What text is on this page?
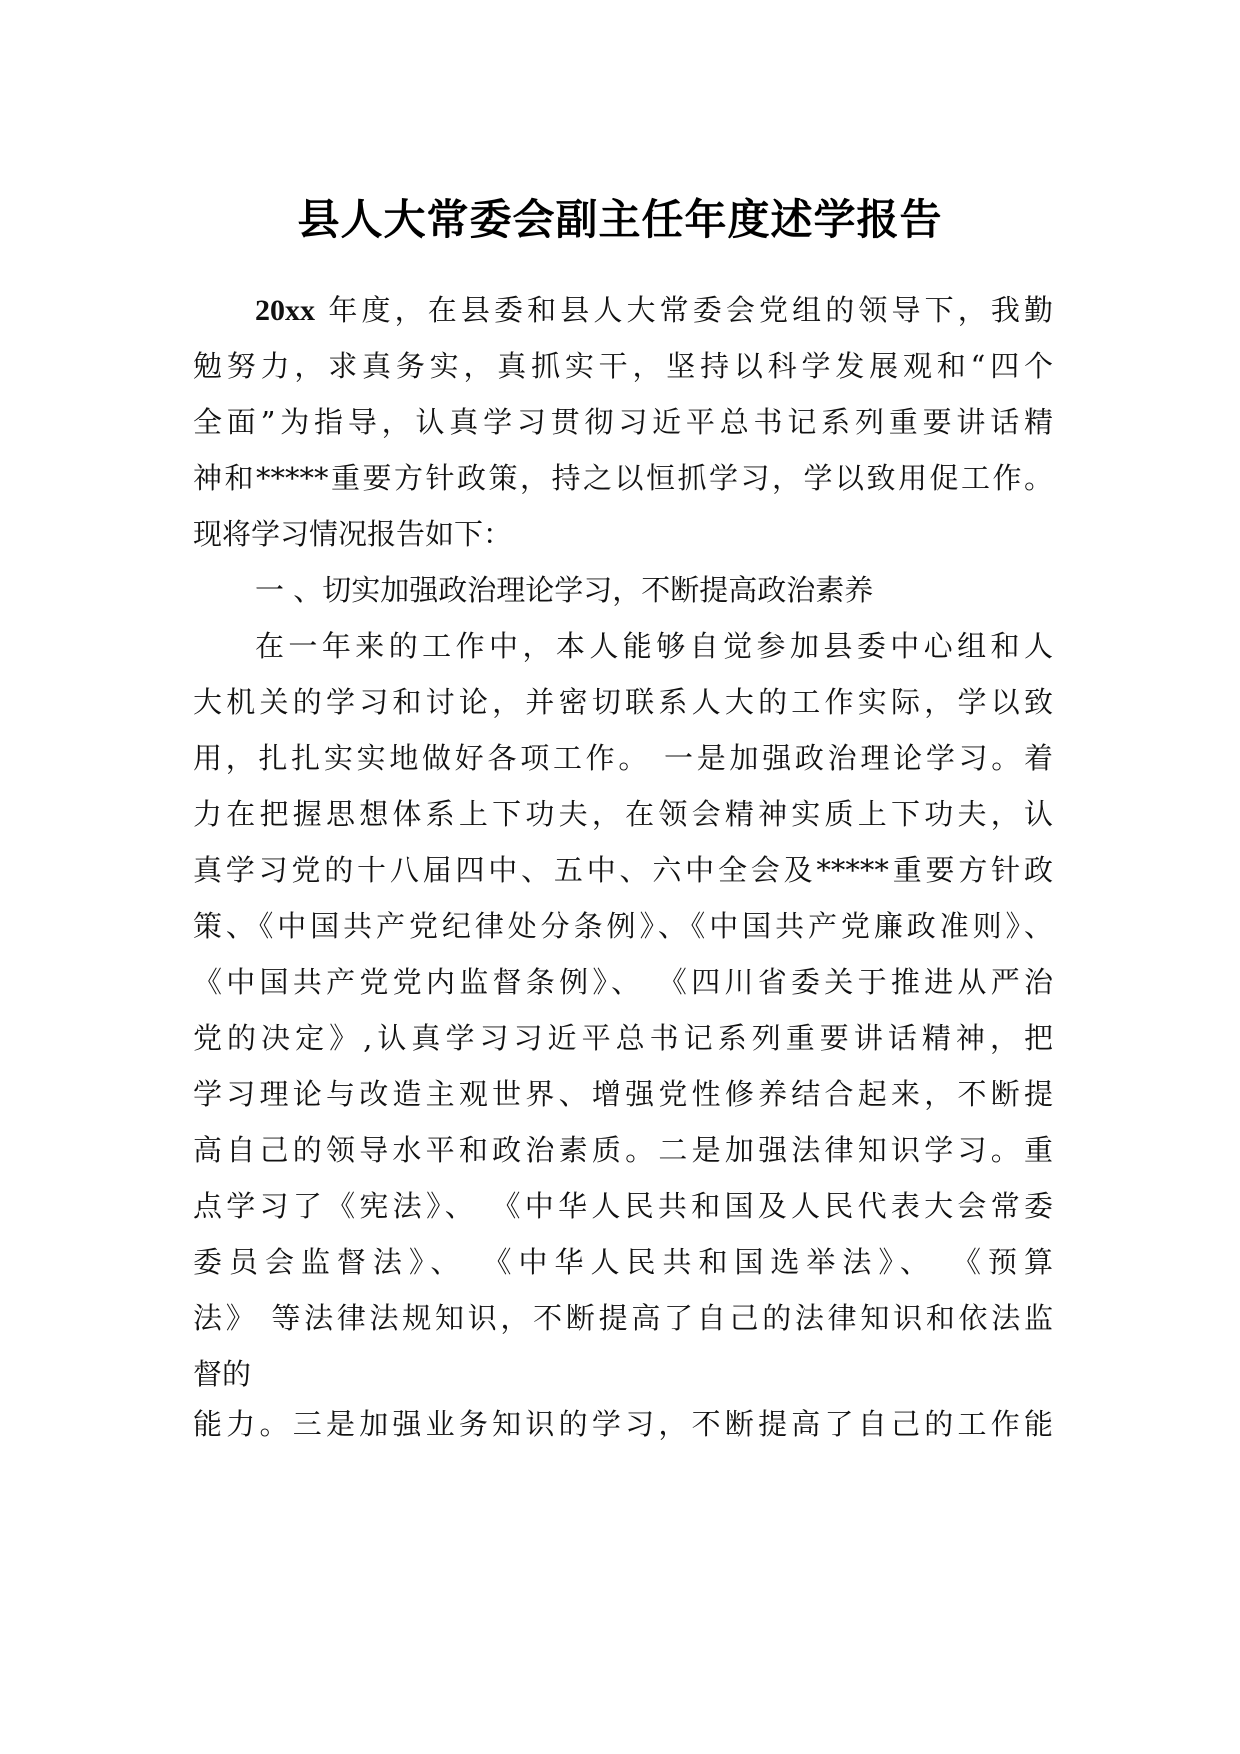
县人大常委会副主任年度述学报告
20xx 年度，在县委和县人大常委会党组的领导下，我勤
勉努力，求真务实，真抓实干，坚持以科学发展观和“四个
全面”为指导，认真学习贯彻习近平总书记系列重要讲话精
神和*****重要方针政策，持之以恒抓学习，学以致用促工作。
现将学习情况报告如下：
一 、切实加强政治理论学习，不断提高政治素养
在一年来的工作中，本人能够自觉参加县委中心组和人
大机关的学习和讨论，并密切联系人大的工作实际，学以致
用，扎扎实实地做好各项工作。 一是加强政治理论学习。着
力在把握思想体系上下功夫，在领会精神实质上下功夫，认
真学习党的十八届四中、五中、六中全会及*****重要方针政
策、《中国共产党纪律处分条例》、《中国共产党廉政准则》、
《中国共产党党内监督条例》、 《四川省委关于推进从严治
党的决定》,认真学习习近平总书记系列重要讲话精神，把
学习理论与改造主观世界、增强党性修养结合起来，不断提
高自己的领导水平和政治素质。二是加强法律知识学习。重
点学习了《宪法》、 《中华人民共和国及人民代表大会常委
委员会监督法》、 《中华人民共和国选举法》、 《预算
法》 等法律法规知识，不断提高了自己的法律知识和依法监
督的
能力。三是加强业务知识的学习，不断提高了自己的工作能
